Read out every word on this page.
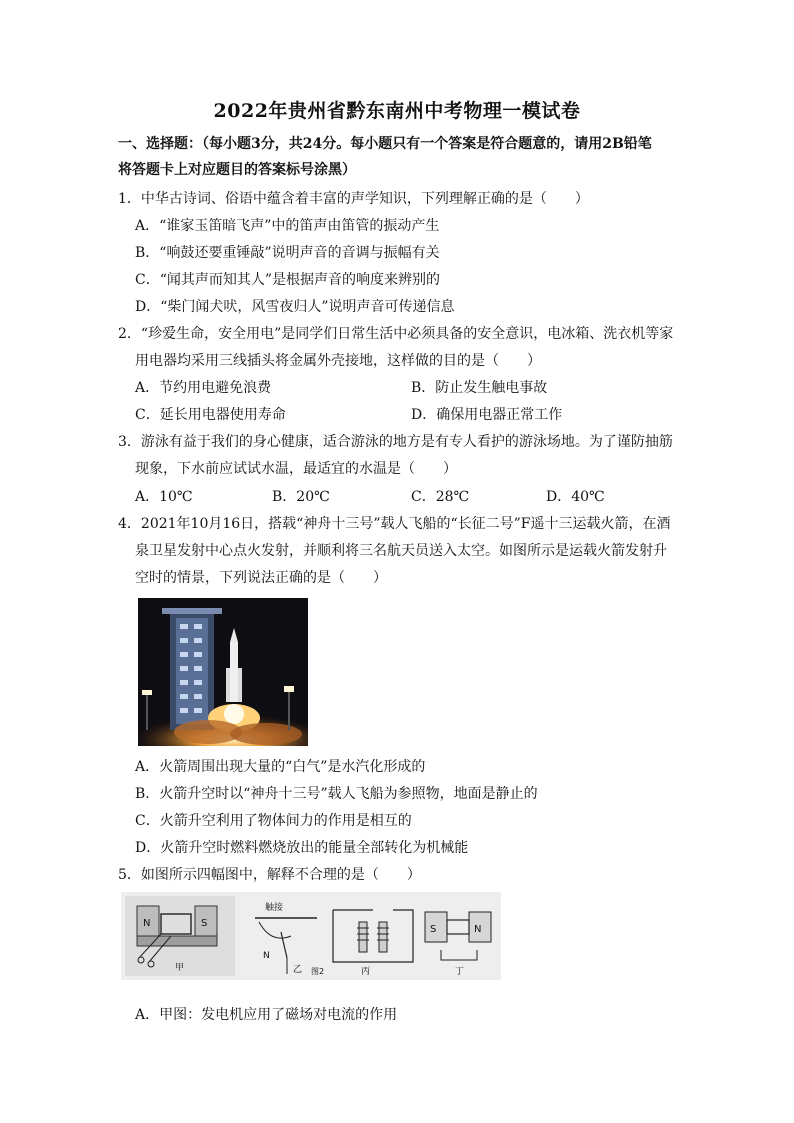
2022年贵州省黔东南州中考物理一模试卷
一、选择题：（每小题3分，共24分。每小题只有一个答案是符合题意的，请用2B铅笔
将答题卡上对应题目的答案标号涂黑）
1．中华古诗词、俗语中蕴含着丰富的声学知识，下列理解正确的是（　　）
A．“谁家玉笛暗飞声”中的笛声由笛管的振动产生
B．“响鼓还要重锤敲”说明声音的音调与振幅有关
C．“闻其声而知其人”是根据声音的响度来辨别的
D．“柴门闻犬吠，风雪夜归人”说明声音可传递信息
2．“珍爱生命，安全用电”是同学们日常生活中必须具备的安全意识，电冰箱、洗衣机等家
用电器均采用三线插头将金属外壳接地，这样做的目的是（　　）
A．节约用电避免浪费	B．防止发生触电事故
C．延长用电器使用寿命	D．确保用电器正常工作
3．游泳有益于我们的身心健康，适合游泳的地方是有专人看护的游泳场地。为了谨防抽筋
现象，下水前应试试水温，最适宜的水温是（　　）
A．10℃	B．20℃	C．28℃	D．40℃
4．2021年10月16日，搭载“神舟十三号”载人飞船的“长征二号”F遥十三运载火箭，在酒
泉卫星发射中心点火发射，并顺利将三名航天员送入太空。如图所示是运载火箭发射升
空时的情景，下列说法正确的是（　　）
A．火箭周围出现大量的“白气”是水汽化形成的
B．火箭升空时以“神舟十三号”载人飞船为参照物，地面是静止的
C．火箭升空利用了物体间力的作用是相互的
D．火箭升空时燃料燃烧放出的能量全部转化为机械能
5．如图所示四幅图中，解释不合理的是（　　）
N	S
甲
触接
N
乙 图2	丙
S	N
丁
A．甲图：发电机应用了磁场对电流的作用
